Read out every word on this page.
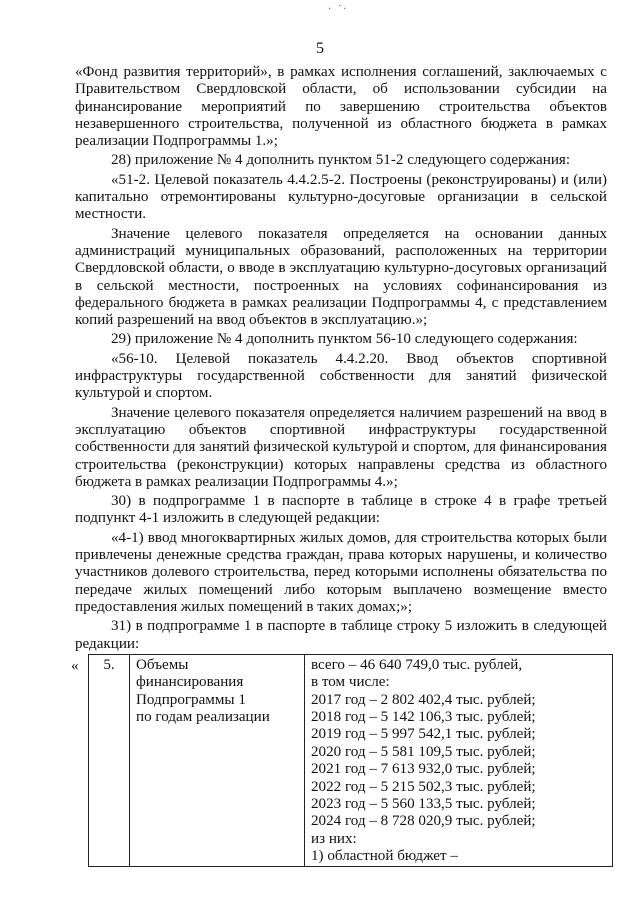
· ˙·
5

«Фонд развития территорий», в рамках исполнения соглашений, заключаемых с Правительством Свердловской области, об использовании субсидии на финансирование мероприятий по завершению строительства объектов незавершенного строительства, полученной из областного бюджета в рамках реализации Подпрограммы 1.»;

28) приложение № 4 дополнить пунктом 51-2 следующего содержания:

«51-2. Целевой показатель 4.4.2.5-2. Построены (реконструированы) и (или) капитально отремонтированы культурно-досуговые организации в сельской местности.

Значение целевого показателя определяется на основании данных администраций муниципальных образований, расположенных на территории Свердловской области, о вводе в эксплуатацию культурно-досуговых организаций в сельской местности, построенных на условиях софинансирования из федерального бюджета в рамках реализации Подпрограммы 4, с представлением копий разрешений на ввод объектов в эксплуатацию.»;

29) приложение № 4 дополнить пунктом 56-10 следующего содержания:

«56-10. Целевой показатель 4.4.2.20. Ввод объектов спортивной инфраструктуры государственной собственности для занятий физической культурой и спортом.

Значение целевого показателя определяется наличием разрешений на ввод в эксплуатацию объектов спортивной инфраструктуры государственной собственности для занятий физической культурой и спортом, для финансирования строительства (реконструкции) которых направлены средства из областного бюджета в рамках реализации Подпрограммы 4.»;

30) в подпрограмме 1 в паспорте в таблице в строке 4 в графе третьей подпункт 4-1 изложить в следующей редакции:

«4-1) ввод многоквартирных жилых домов, для строительства которых были привлечены денежные средства граждан, права которых нарушены, и количество участников долевого строительства, перед которыми исполнены обязательства по передаче жилых помещений либо которым выплачено возмещение вместо предоставления жилых помещений в таких домах;»;

31) в подпрограмме 1 в паспорте в таблице строку 5 изложить в следующей редакции:

« 5.	Объемы
финансирования
Подпрограммы 1
по годам реализации

всего – 46 640 749,0 тыс. рублей,
в том числе:
2017 год – 2 802 402,4 тыс. рублей;
2018 год – 5 142 106,3 тыс. рублей;
2019 год – 5 997 542,1 тыс. рублей;
2020 год – 5 581 109,5 тыс. рублей;
2021 год – 7 613 932,0 тыс. рублей;
2022 год – 5 215 502,3 тыс. рублей;
2023 год – 5 560 133,5 тыс. рублей;
2024 год – 8 728 020,9 тыс. рублей;
из них:
1) областной бюджет –
